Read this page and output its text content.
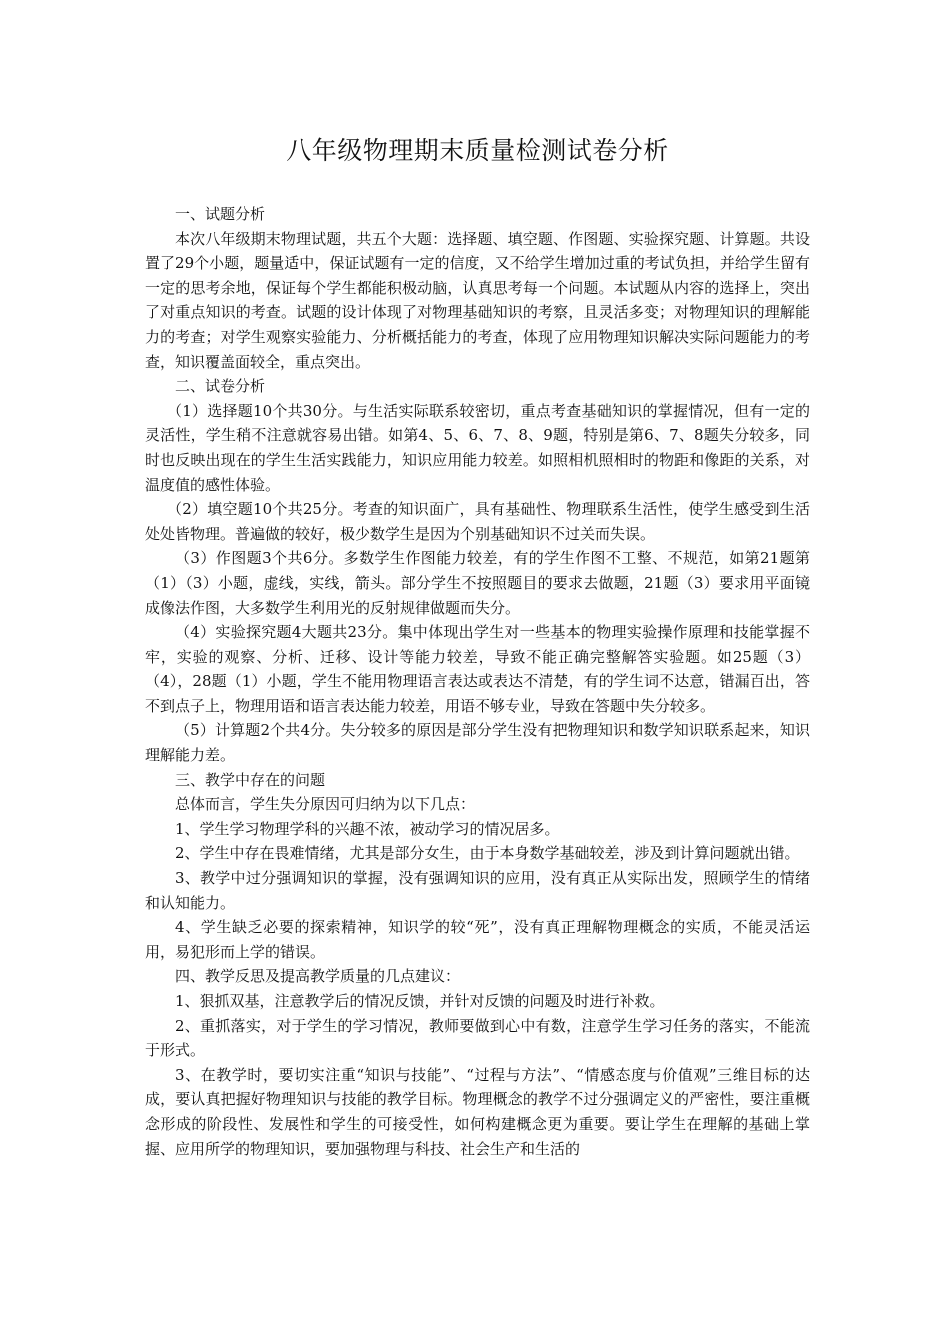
八年级物理期末质量检测试卷分析

一、试题分析

本次八年级期末物理试题，共五个大题：选择题、填空题、作图题、实验探究题、计算题。共设置了29个小题，题量适中，保证试题有一定的信度，又不给学生增加过重的考试负担，并给学生留有一定的思考余地，保证每个学生都能积极动脑，认真思考每一个问题。本试题从内容的选择上，突出了对重点知识的考查。试题的设计体现了对物理基础知识的考察，且灵活多变；对物理知识的理解能力的考查；对学生观察实验能力、分析概括能力的考查，体现了应用物理知识解决实际问题能力的考查，知识覆盖面较全，重点突出。

二、试卷分析

（1）选择题10个共30分。与生活实际联系较密切，重点考查基础知识的掌握情况，但有一定的灵活性，学生稍不注意就容易出错。如第4、5、6、7、8、9题，特别是第6、7、8题失分较多，同时也反映出现在的学生生活实践能力，知识应用能力较差。如照相机照相时的物距和像距的关系，对温度值的感性体验。

（2）填空题10个共25分。考查的知识面广，具有基础性、物理联系生活性，使学生感受到生活处处皆物理。普遍做的较好，极少数学生是因为个别基础知识不过关而失误。

（3）作图题3个共6分。多数学生作图能力较差，有的学生作图不工整、不规范，如第21题第（1）（3）小题，虚线，实线，箭头。部分学生不按照题目的要求去做题，21题（3）要求用平面镜成像法作图，大多数学生利用光的反射规律做题而失分。

（4）实验探究题4大题共23分。集中体现出学生对一些基本的物理实验操作原理和技能掌握不牢，实验的观察、分析、迁移、设计等能力较差，导致不能正确完整解答实验题。如25题（3）（4），28题（1）小题，学生不能用物理语言表达或表达不清楚，有的学生词不达意，错漏百出，答不到点子上，物理用语和语言表达能力较差，用语不够专业，导致在答题中失分较多。

（5）计算题2个共4分。失分较多的原因是部分学生没有把物理知识和数学知识联系起来，知识理解能力差。

三、教学中存在的问题

总体而言，学生失分原因可归纳为以下几点：

1、学生学习物理学科的兴趣不浓，被动学习的情况居多。

2、学生中存在畏难情绪，尤其是部分女生，由于本身数学基础较差，涉及到计算问题就出错。

3、教学中过分强调知识的掌握，没有强调知识的应用，没有真正从实际出发，照顾学生的情绪和认知能力。

4、学生缺乏必要的探索精神，知识学的较“死”，没有真正理解物理概念的实质，不能灵活运用，易犯形而上学的错误。

四、教学反思及提高教学质量的几点建议：

1、狠抓双基，注意教学后的情况反馈，并针对反馈的问题及时进行补救。

2、重抓落实，对于学生的学习情况，教师要做到心中有数，注意学生学习任务的落实，不能流于形式。

3、在教学时，要切实注重“知识与技能”、“过程与方法”、“情感态度与价值观”三维目标的达成，要认真把握好物理知识与技能的教学目标。物理概念的教学不过分强调定义的严密性，要注重概念形成的阶段性、发展性和学生的可接受性，如何构建概念更为重要。要让学生在理解的基础上掌握、应用所学的物理知识，要加强物理与科技、社会生产和生活的
